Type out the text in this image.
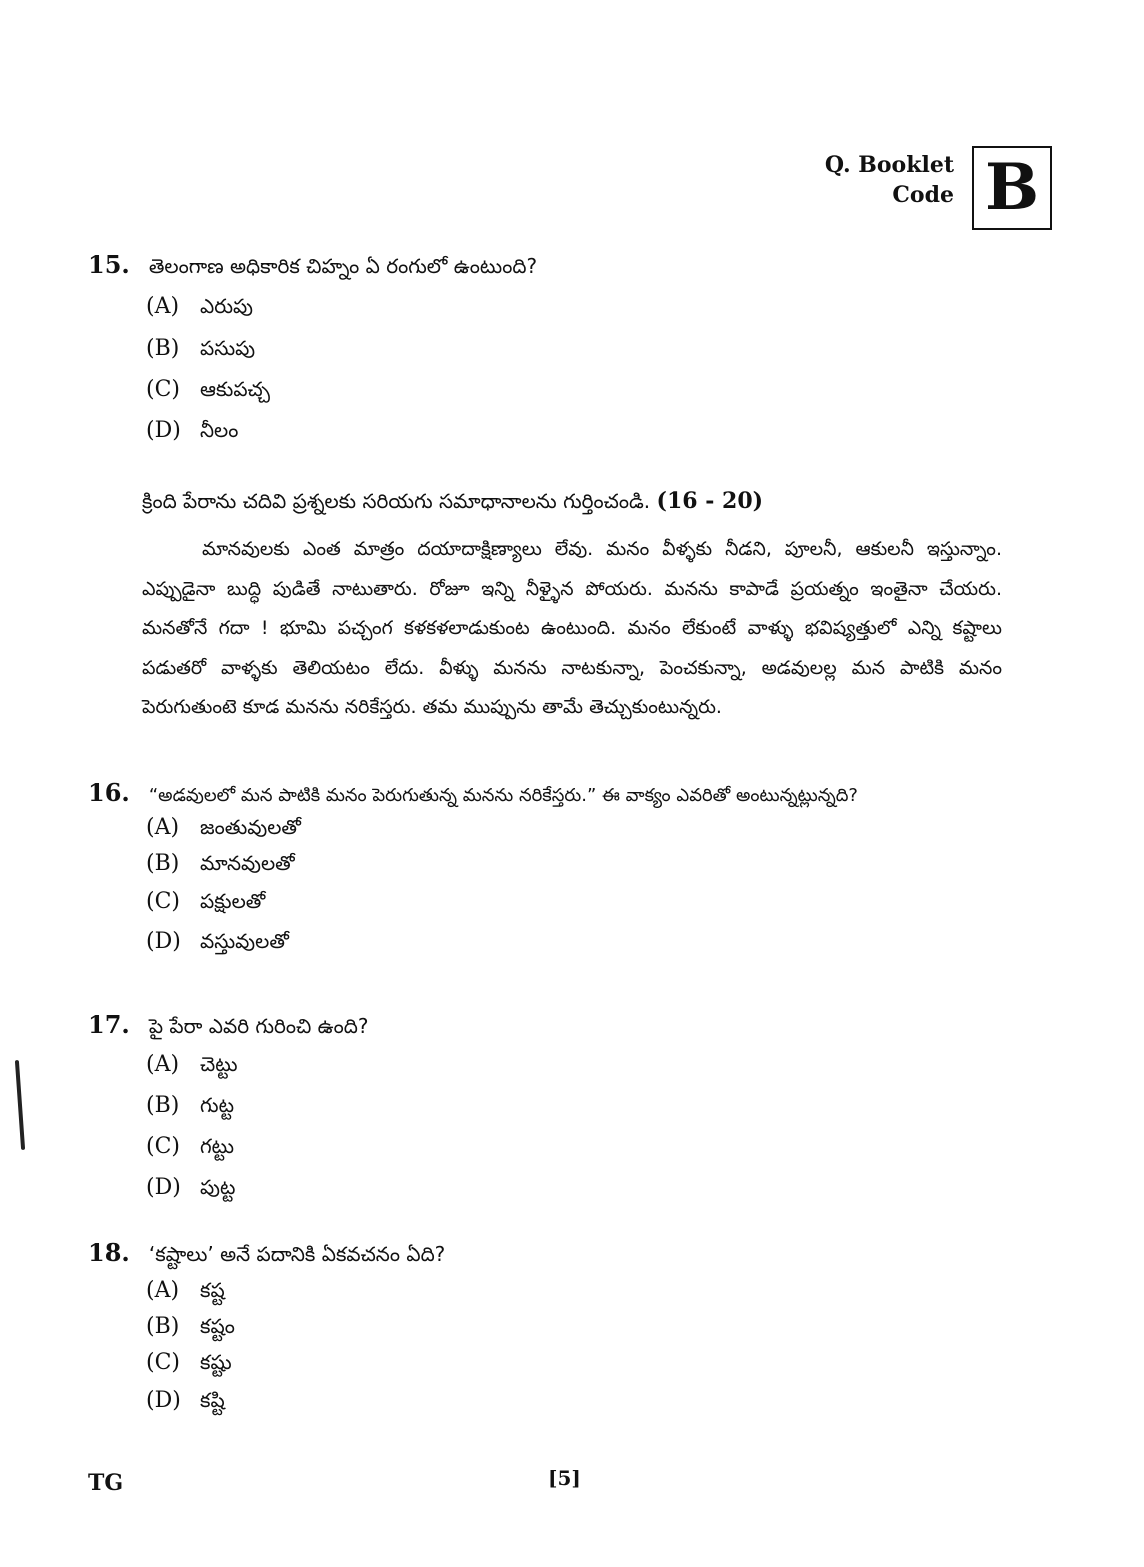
Q. Booklet
Code B
15. తెలంగాణ అధికారిక చిహ్నం ఏ రంగులో ఉంటుంది?
(A)	ఎరుపు
(B)	పసుపు
(C)	ఆకుపచ్చ
(D) నీలం
క్రింది పేరాను చదివి ప్రశ్నలకు సరియగు సమాధానాలను గుర్తించండి. (16 - 20)
మానవులకు ఎంత మాత్రం దయాదాక్షిణ్యాలు లేవు. మనం వీళ్ళకు నీడని, పూలనీ, ఆకులనీ ఇస్తున్నాం. ఎప్పుడైనా బుద్ధి పుడితే నాటుతారు. రోజూ ఇన్ని నీళ్ళైన పోయరు. మనను కాపాడే ప్రయత్నం ఇంతైనా చేయరు. మనతోనే గదా ! భూమి పచ్చంగ కళకళలాడుకుంట ఉంటుంది. మనం లేకుంటే వాళ్ళు భవిష్యత్తులో ఎన్ని కష్టాలు పడుతరో వాళ్ళకు తెలియటం లేదు. వీళ్ళు మనను నాటకున్నా, పెంచకున్నా, అడవులల్ల మన పాటికి మనం పెరుగుతుంటె కూడ మనను నరికేస్తరు. తమ ముప్పును తామే తెచ్చుకుంటున్నరు.
16. “అడవులలో మన పాటికి మనం పెరుగుతున్న మనను నరికేస్తరు.” ఈ వాక్యం ఎవరితో అంటున్నట్లున్నది?
(A)	జంతువులతో
(B)	మానవులతో
(C)	పక్షులతో
(D) వస్తువులతో
17. పై పేరా ఎవరి గురించి ఉంది?
(A)	చెట్టు
(B)	గుట్ట
(C)	గట్టు
(D) పుట్ట
18. ‘కష్టాలు’ అనే పదానికి ఏకవచనం ఏది?
(A)	కష్ట
(B)	కష్టం
(C)	కష్టు
(D) కష్టి
TG	[5]
